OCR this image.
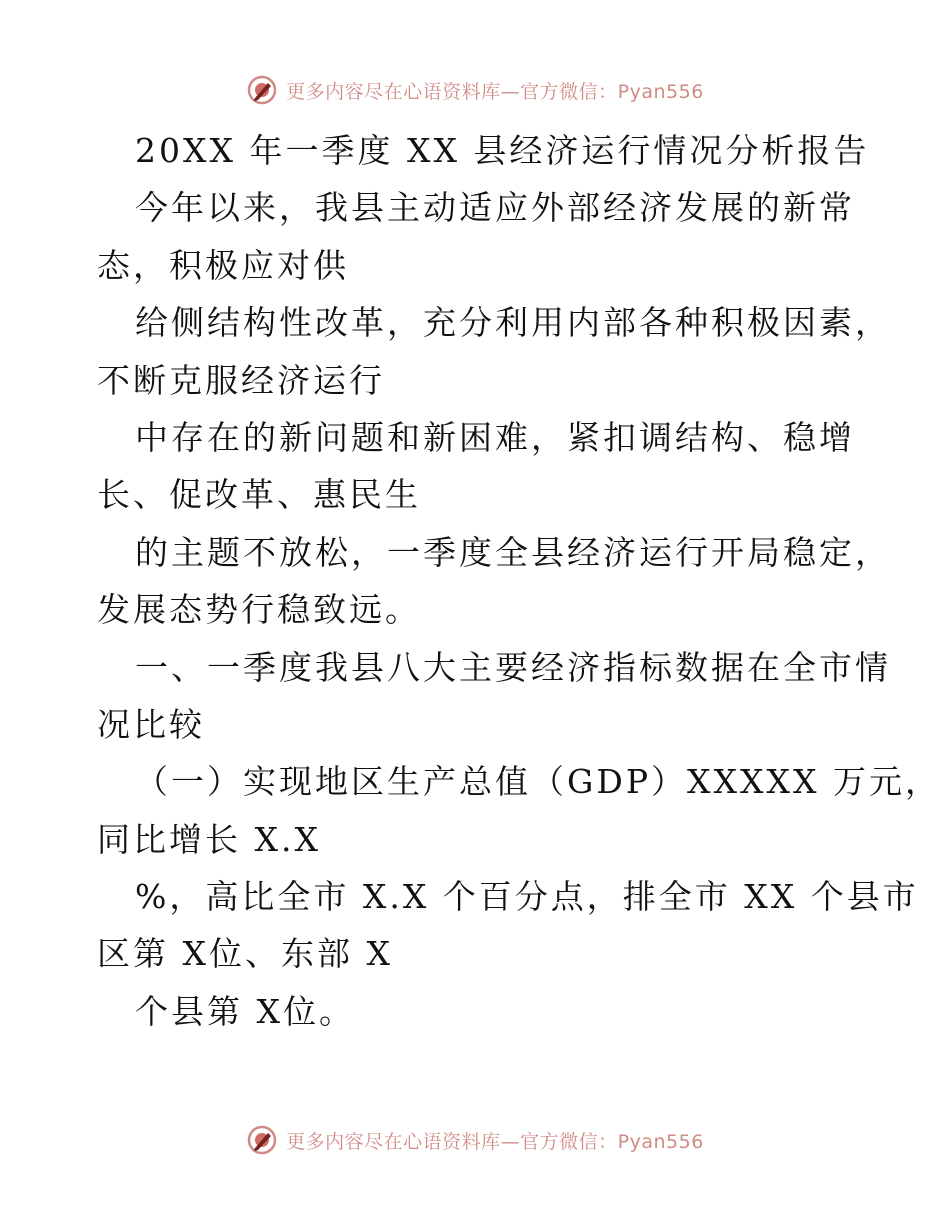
更多内容尽在心语资料库—官方微信：Pyan556
20XX 年一季度 XX 县经济运行情况分析报告
今年以来，我县主动适应外部经济发展的新常
态，积极应对供
给侧结构性改革，充分利用内部各种积极因素，
不断克服经济运行
中存在的新问题和新困难，紧扣调结构、稳增
长、促改革、惠民生
的主题不放松，一季度全县经济运行开局稳定，
发展态势行稳致远。
一、一季度我县八大主要经济指标数据在全市情
况比较
（一）实现地区生产总值（GDP）XXXXX 万元，
同比增长 X.X
%，高比全市 X.X 个百分点，排全市 XX 个县市
区第 X位、东部 X
个县第 X位。
更多内容尽在心语资料库—官方微信：Pyan556
